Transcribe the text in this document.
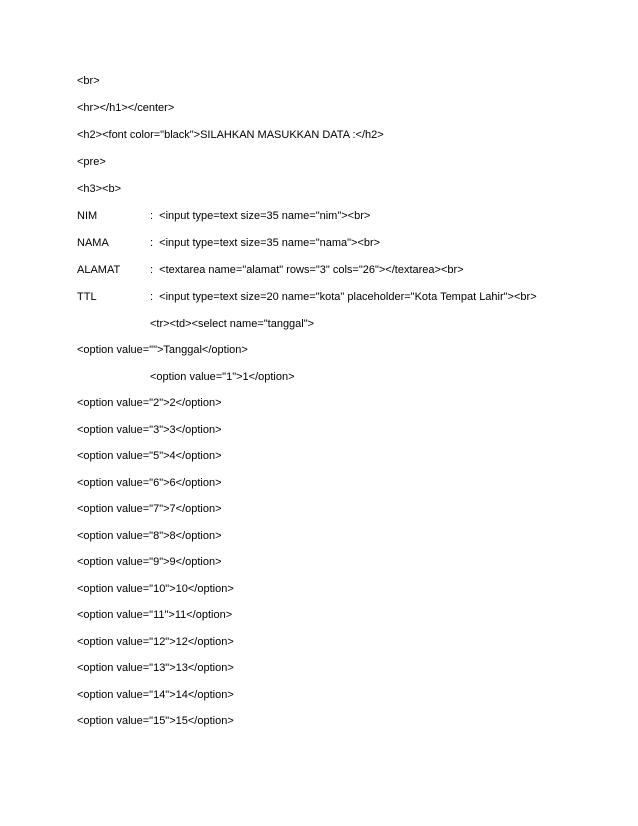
<br>
<hr></h1></center>
<h2><font color="black">SILAHKAN MASUKKAN DATA :</h2>
<pre>
<h3><b>
NIM	:  <input type=text size=35 name="nim"><br>
NAMA	:  <input type=text size=35 name="nama"><br>
ALAMAT	:  <textarea name="alamat" rows="3" cols="26"></textarea><br>
TTL	:  <input type=text size=20 name="kota" placeholder="Kota Tempat Lahir"><br>
<tr><td><select name="tanggal">
<option value="">Tanggal</option>
<option value="1">1</option>
<option value="2">2</option>
<option value="3">3</option>
<option value="5">4</option>
<option value="6">6</option>
<option value="7">7</option>
<option value="8">8</option>
<option value="9">9</option>
<option value="10">10</option>
<option value="11">11</option>
<option value="12">12</option>
<option value="13">13</option>
<option value="14">14</option>
<option value="15">15</option>
